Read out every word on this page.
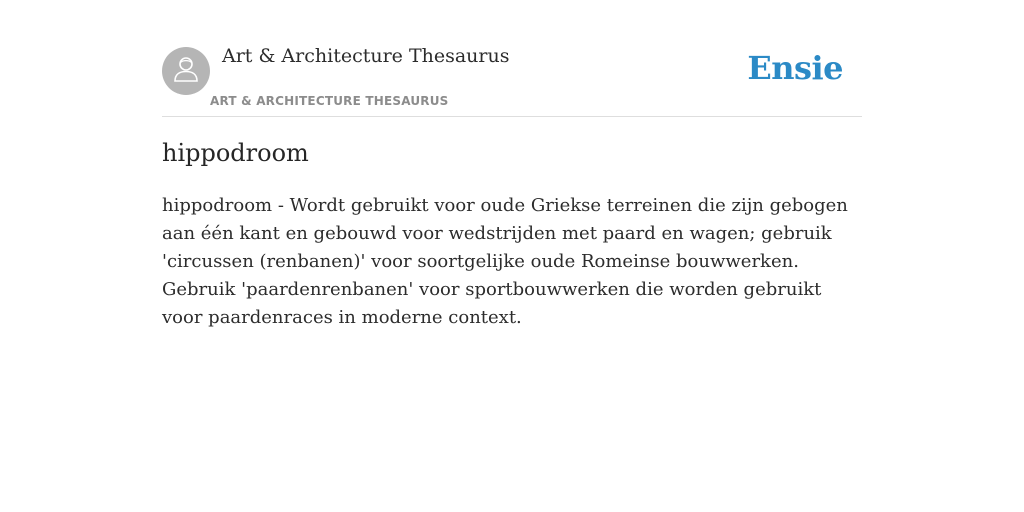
Art & Architecture Thesaurus
ART & ARCHITECTURE THESAURUS
Ensie
hippodroom

hippodroom - Wordt gebruikt voor oude Griekse terreinen die zijn gebogen aan één kant en gebouwd voor wedstrijden met paard en wagen; gebruik 'circussen (renbanen)' voor soortgelijke oude Romeinse bouwwerken. Gebruik 'paardenrenbanen' voor sportbouwwerken die worden gebruikt voor paardenraces in moderne context.
